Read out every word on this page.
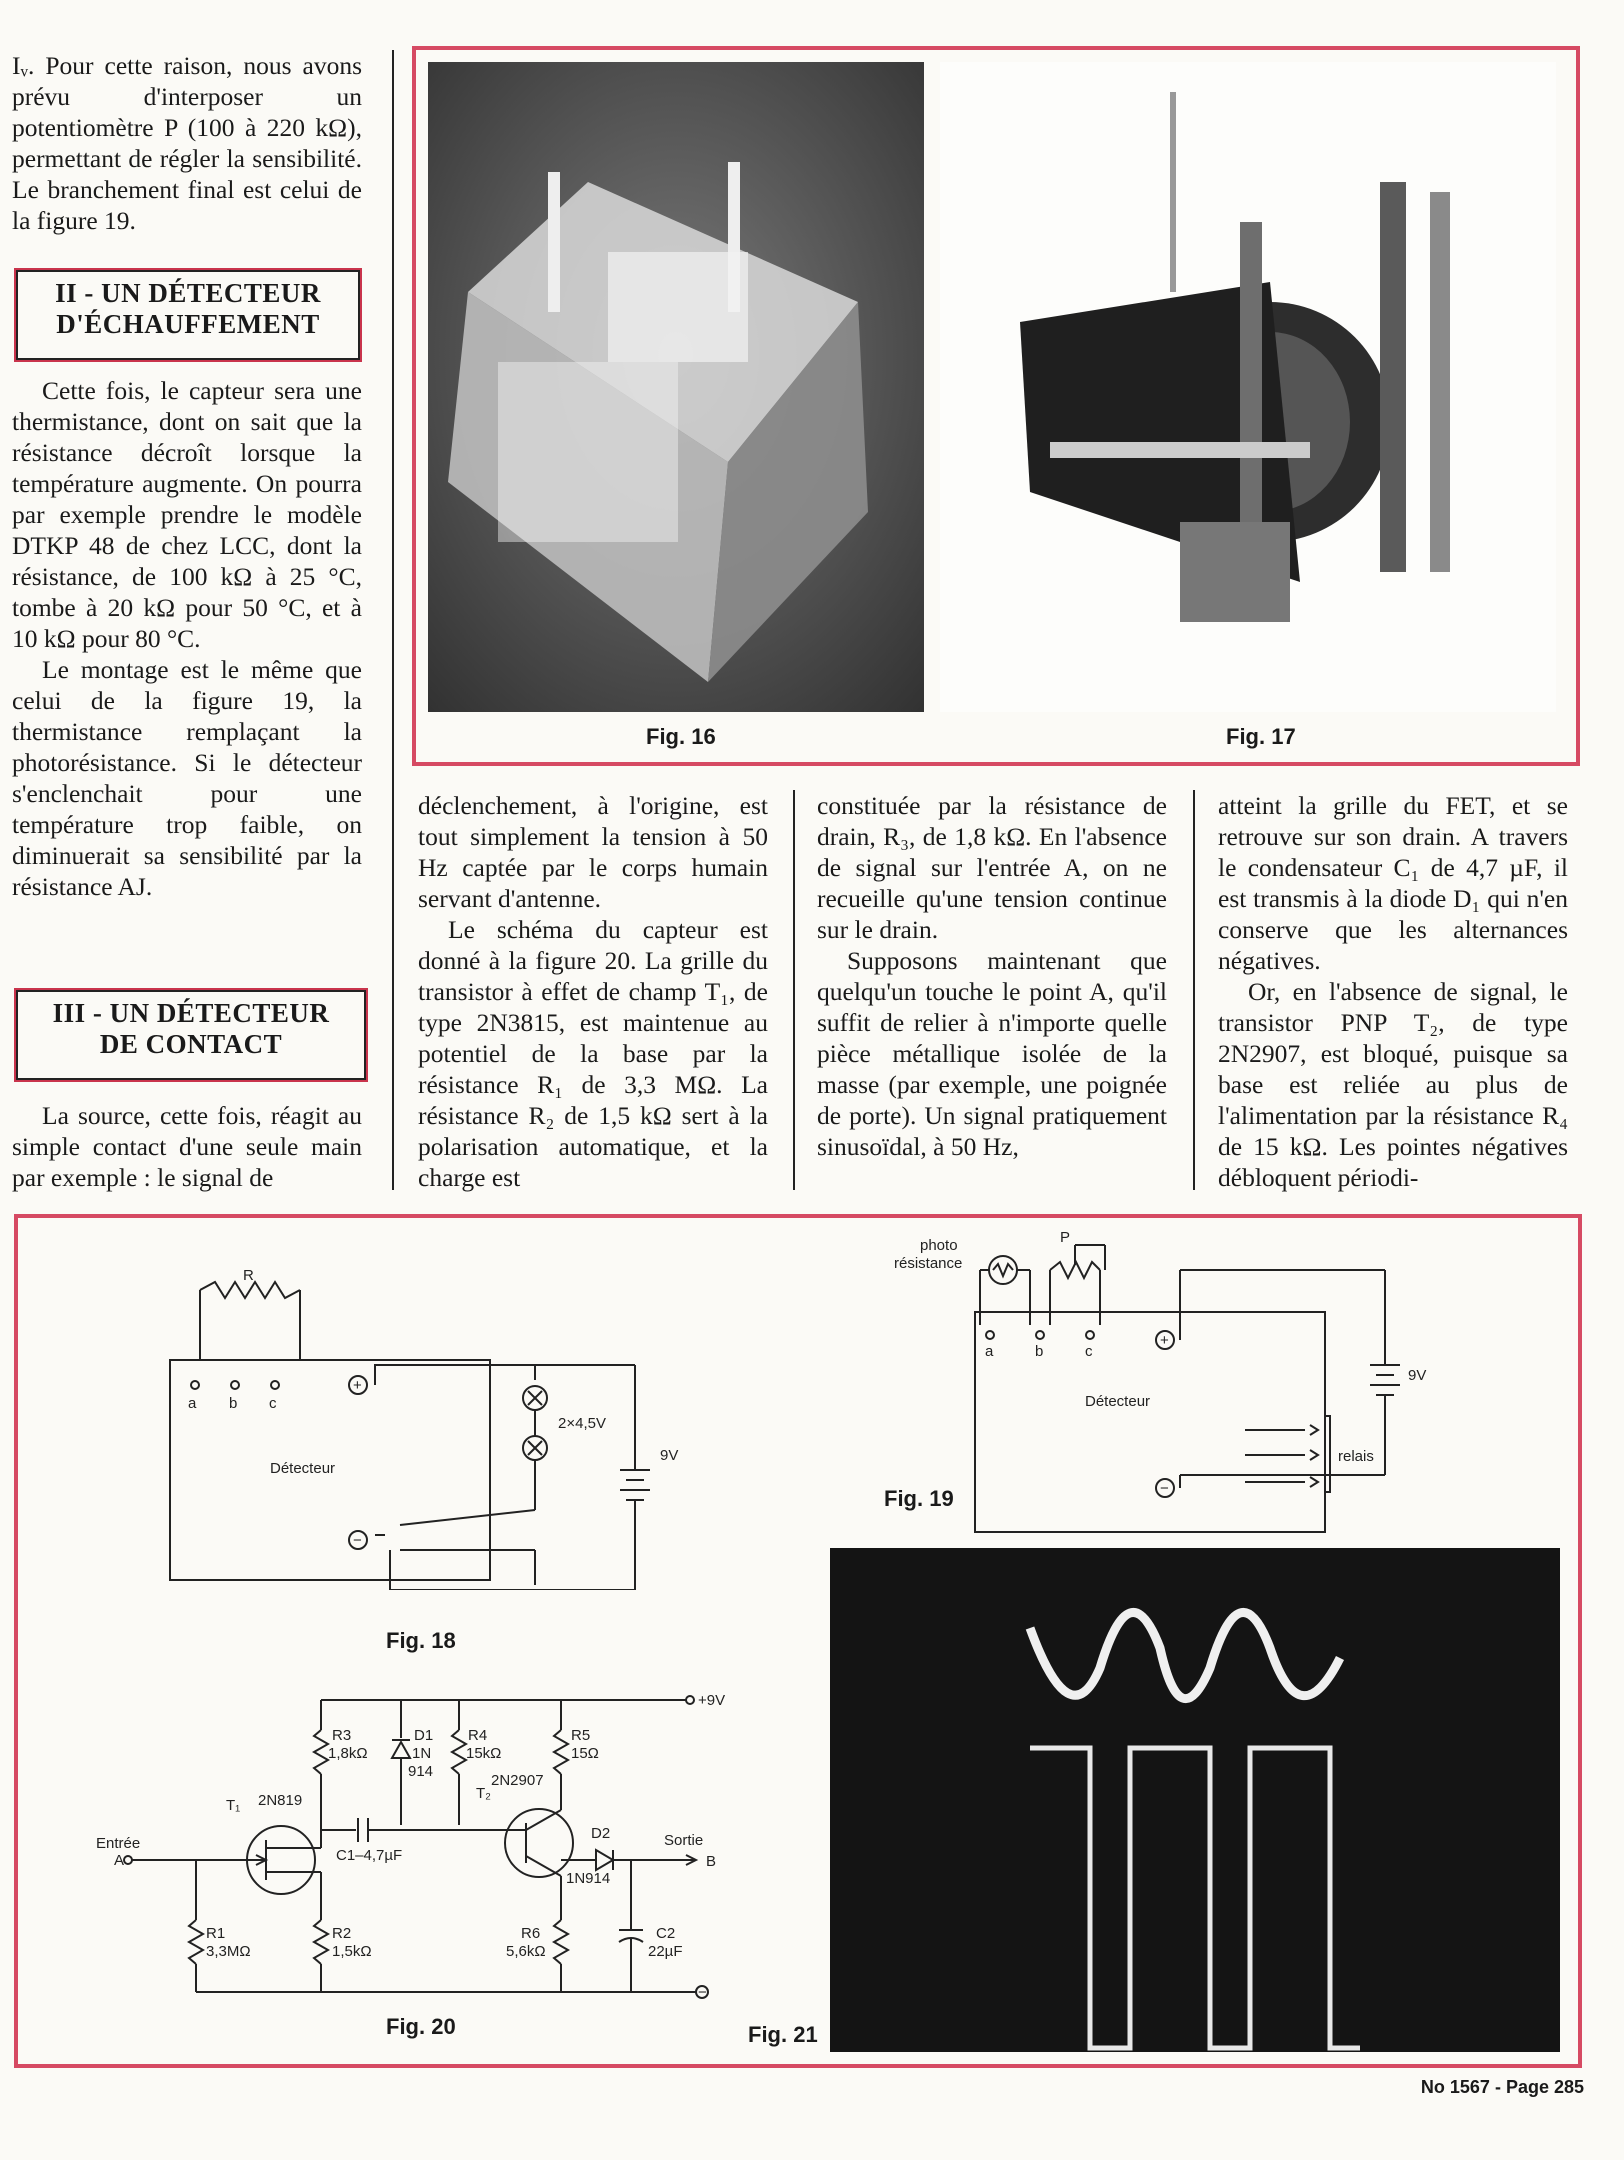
Iᵥ. Pour cette raison, nous avons prévu d'interposer un potentiomètre P (100 à 220 kΩ), permettant de régler la sensibilité. Le branchement final est celui de la figure 19.

II - UN DÉTECTEUR
D'ÉCHAUFFEMENT

Cette fois, le capteur sera une thermistance, dont on sait que la résistance décroît lorsque la température augmente. On pourra par exemple prendre le modèle DTKP 48 de chez LCC, dont la résistance, de 100 kΩ à 25 °C, tombe à 20 kΩ pour 50 °C, et à 10 kΩ pour 80 °C.

Le montage est le même que celui de la figure 19, la thermistance remplaçant la photorésistance. Si le détecteur s'enclenchait pour une température trop faible, on diminuerait sa sensibilité par la résistance AJ.

III - UN DÉTECTEUR
DE CONTACT

La source, cette fois, réagit au simple contact d'une seule main par exemple : le signal de

Fig. 16	Fig. 17

déclenchement, à l'origine, est tout simplement la tension à 50 Hz captée par le corps humain servant d'antenne.

Le schéma du capteur est donné à la figure 20. La grille du transistor à effet de champ T₁, de type 2N3815, est maintenue au potentiel de la base par la résistance R₁ de 3,3 MΩ. La résistance R₂ de 1,5 kΩ sert à la polarisation automatique, et la charge est

constituée par la résistance de drain, R₃, de 1,8 kΩ. En l'absence de signal sur l'entrée A, on ne recueille qu'une tension continue sur le drain.

Supposons maintenant que quelqu'un touche le point A, qu'il suffit de relier à n'importe quelle pièce métallique isolée de la masse (par exemple, une poignée de porte). Un signal pratiquement sinusoïdal, à 50 Hz,

atteint la grille du FET, et se retrouve sur son drain. A travers le condensateur C₁ de 4,7 µF, il est transmis à la diode D₁ qui n'en conserve que les alternances négatives.

Or, en l'absence de signal, le transistor PNP T₂, de type 2N2907, est bloqué, puisque sa base est reliée au plus de l'alimentation par la résistance R₄ de 15 kΩ. Les pointes négatives débloquent périodi-

R
a b c
+
−
Détecteur
2×4,5V
9V
Fig. 18
photo
résistance
P
a	b	c
+
−
Détecteur
relais
9V
Fig. 19
+9V
R3
1,8kΩ
D1
1N
914
R4
15kΩ
R5
15Ω
T₁ 2N819	T₂
2N2907
Entrée
A	C1–4,7µF
D2
1N914
Sortie
B
R1
3,3MΩ
R2
1,5kΩ
R6
5,6kΩ
C2
22µF
−
Fig. 20	Fig. 21
No 1567 - Page 285
